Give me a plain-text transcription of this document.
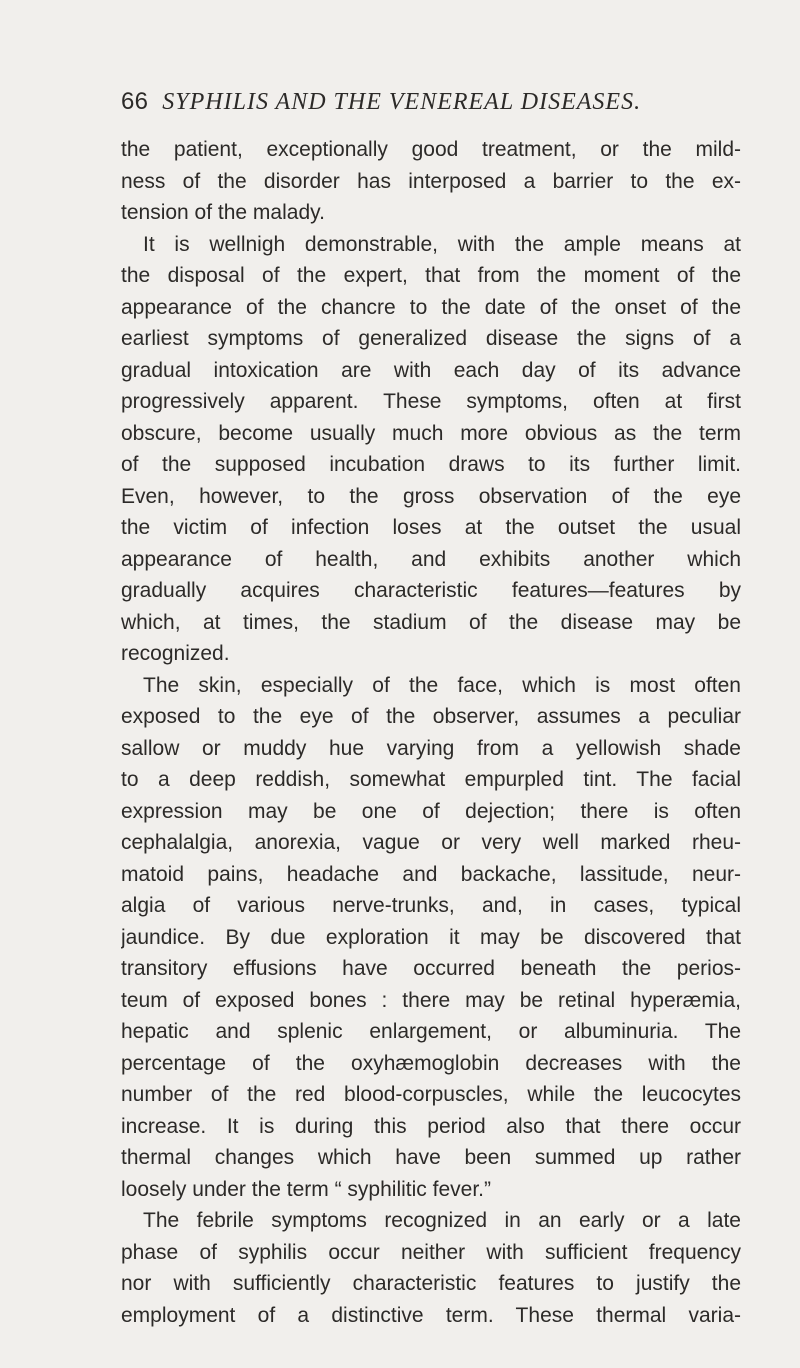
66 SYPHILIS AND THE VENEREAL DISEASES.
the patient, exceptionally good treatment, or the mild-
ness of the disorder has interposed a barrier to the ex-
tension of the malady.
It is wellnigh demonstrable, with the ample means at
the disposal of the expert, that from the moment of the
appearance of the chancre to the date of the onset of the
earliest symptoms of generalized disease the signs of a
gradual intoxication are with each day of its advance
progressively apparent. These symptoms, often at first
obscure, become usually much more obvious as the term
of the supposed incubation draws to its further limit.
Even, however, to the gross observation of the eye
the victim of infection loses at the outset the usual
appearance of health, and exhibits another which
gradually acquires characteristic features—features by
which, at times, the stadium of the disease may be
recognized.
The skin, especially of the face, which is most often
exposed to the eye of the observer, assumes a peculiar
sallow or muddy hue varying from a yellowish shade
to a deep reddish, somewhat empurpled tint. The facial
expression may be one of dejection; there is often
cephalalgia, anorexia, vague or very well marked rheu-
matoid pains, headache and backache, lassitude, neur-
algia of various nerve-trunks, and, in cases, typical
jaundice. By due exploration it may be discovered that
transitory effusions have occurred beneath the perios-
teum of exposed bones : there may be retinal hyperæmia,
hepatic and splenic enlargement, or albuminuria. The
percentage of the oxyhæmoglobin decreases with the
number of the red blood-corpuscles, while the leucocytes
increase. It is during this period also that there occur
thermal changes which have been summed up rather
loosely under the term “ syphilitic fever.”
The febrile symptoms recognized in an early or a late
phase of syphilis occur neither with sufficient frequency
nor with sufficiently characteristic features to justify the
employment of a distinctive term. These thermal varia-
